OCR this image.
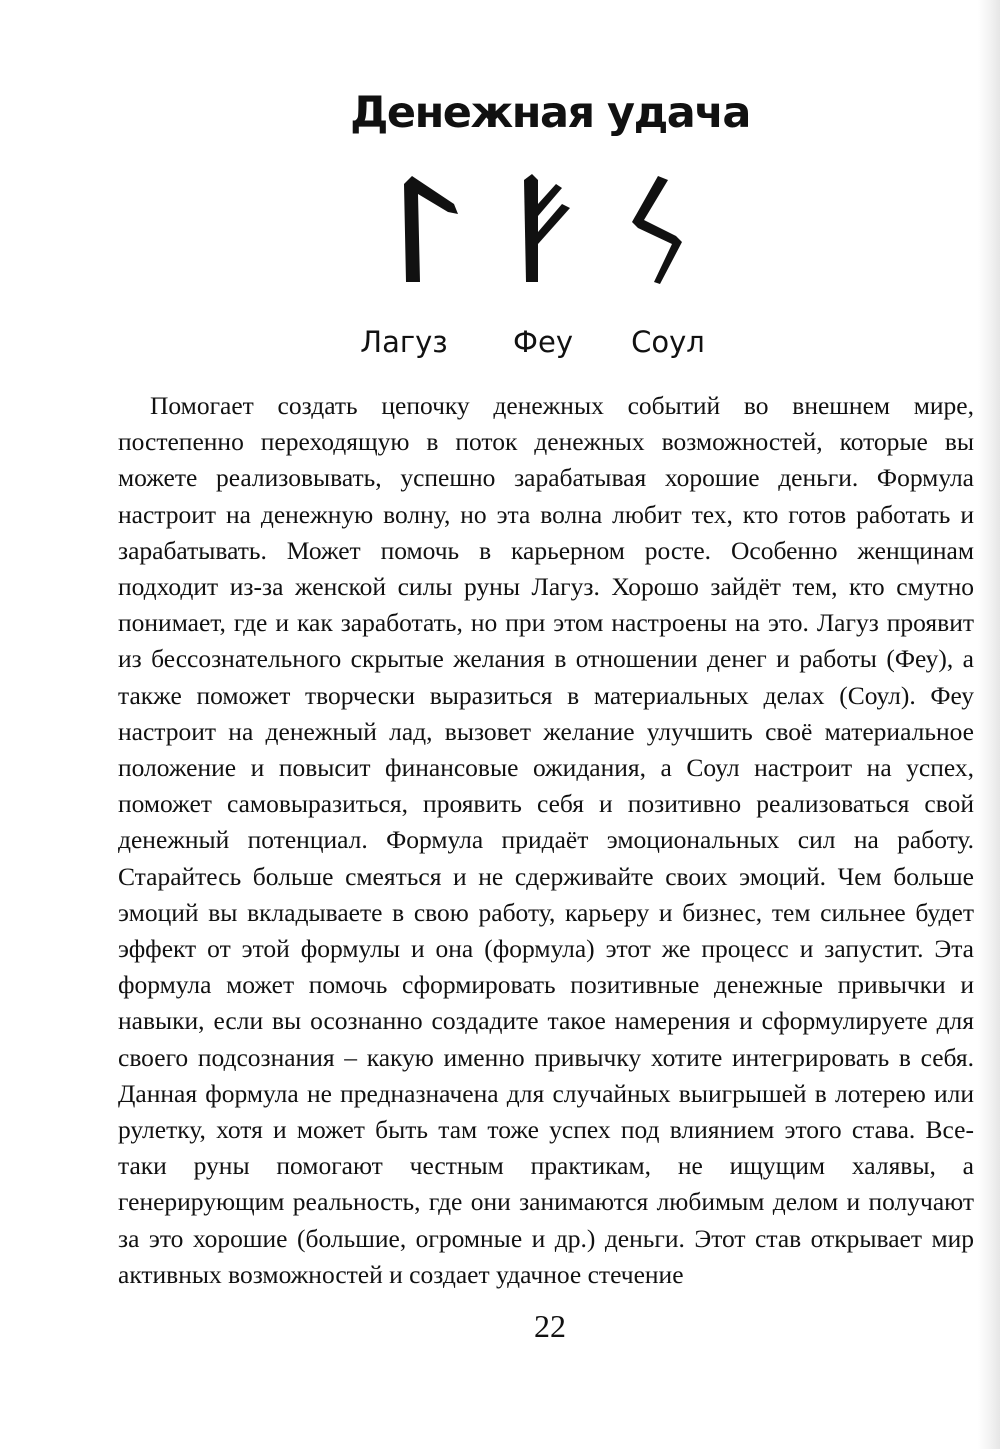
Денежная удача
Лагуз Феу Соул

Помогает создать цепочку денежных событий во внешнем мире, постепенно переходящую в поток денежных возможностей, которые вы можете реализовывать, успешно зарабатывая хорошие деньги. Формула настроит на денежную волну, но эта волна любит тех, кто готов работать и зарабатывать. Может помочь в карьерном росте. Особенно женщинам подходит из-за женской силы руны Лагуз. Хорошо зайдёт тем, кто смутно понимает, где и как заработать, но при этом настроены на это. Лагуз проявит из бессознательного скрытые желания в отношении денег и работы (Феу), а также поможет творчески выразиться в материальных делах (Соул). Феу настроит на денежный лад, вызовет желание улучшить своё материальное положение и повысит финансовые ожидания, а Соул настроит на успех, поможет самовыразиться, проявить себя и позитивно реализоваться свой денежный потенциал. Формула придаёт эмоциональных сил на работу. Старайтесь больше смеяться и не сдерживайте своих эмоций. Чем больше эмоций вы вкладываете в свою работу, карьеру и бизнес, тем сильнее будет эффект от этой формулы и она (формула) этот же процесс и запустит. Эта формула может помочь сформировать позитивные денежные привычки и навыки, если вы осознанно создадите такое намерения и сформулируете для своего подсознания – какую именно привычку хотите интегрировать в себя. Данная формула не предназначена для случайных выигрышей в лотерею или рулетку, хотя и может быть там тоже успех под влиянием этого става. Все-таки руны помогают честным практикам, не ищущим халявы, а генерирующим реальность, где они занимаются любимым делом и получают за это хорошие (большие, огромные и др.) деньги. Этот став открывает мир активных возможностей и создает удачное стечение

22
